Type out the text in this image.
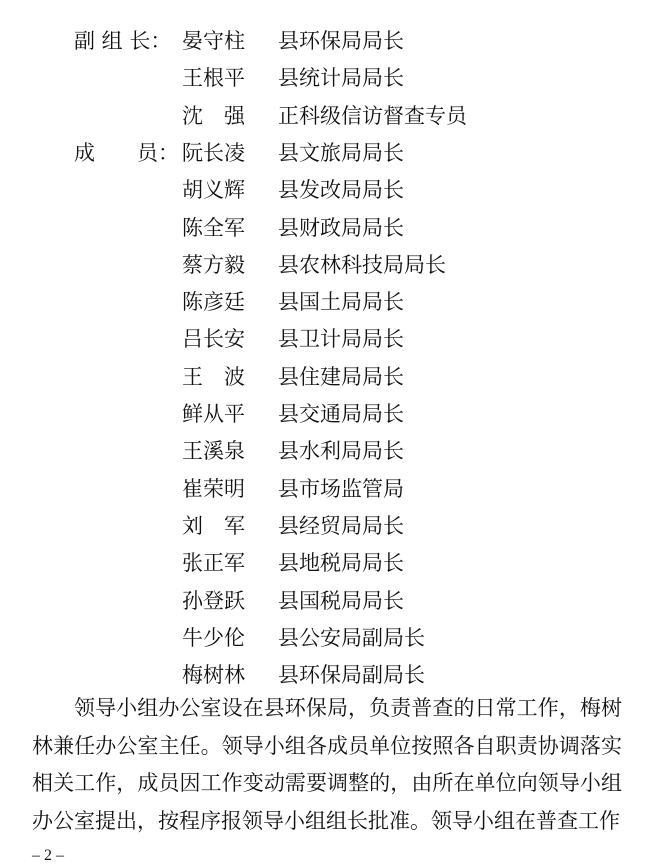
副 组 长： 晏守柱	县环保局局长
王根平	县统计局局长
沈　强	正科级信访督查专员
成　　员： 阮长凌	县文旅局局长
胡义辉	县发改局局长
陈全军	县财政局局长
蔡方毅	县农林科技局局长
陈彦廷	县国土局局长
吕长安	县卫计局局长
王　波	县住建局局长
鲜从平	县交通局局长
王溪泉	县水利局局长
崔荣明	县市场监管局
刘　军	县经贸局局长
张正军	县地税局局长
孙登跃	县国税局局长
牛少伦	县公安局副局长
梅树林	县环保局副局长

领导小组办公室设在县环保局，负责普查的日常工作，梅树林兼任办公室主任。领导小组各成员单位按照各自职责协调落实相关工作，成员因工作变动需要调整的，由所在单位向领导小组办公室提出，按程序报领导小组组长批准。领导小组在普查工作

– 2 –
